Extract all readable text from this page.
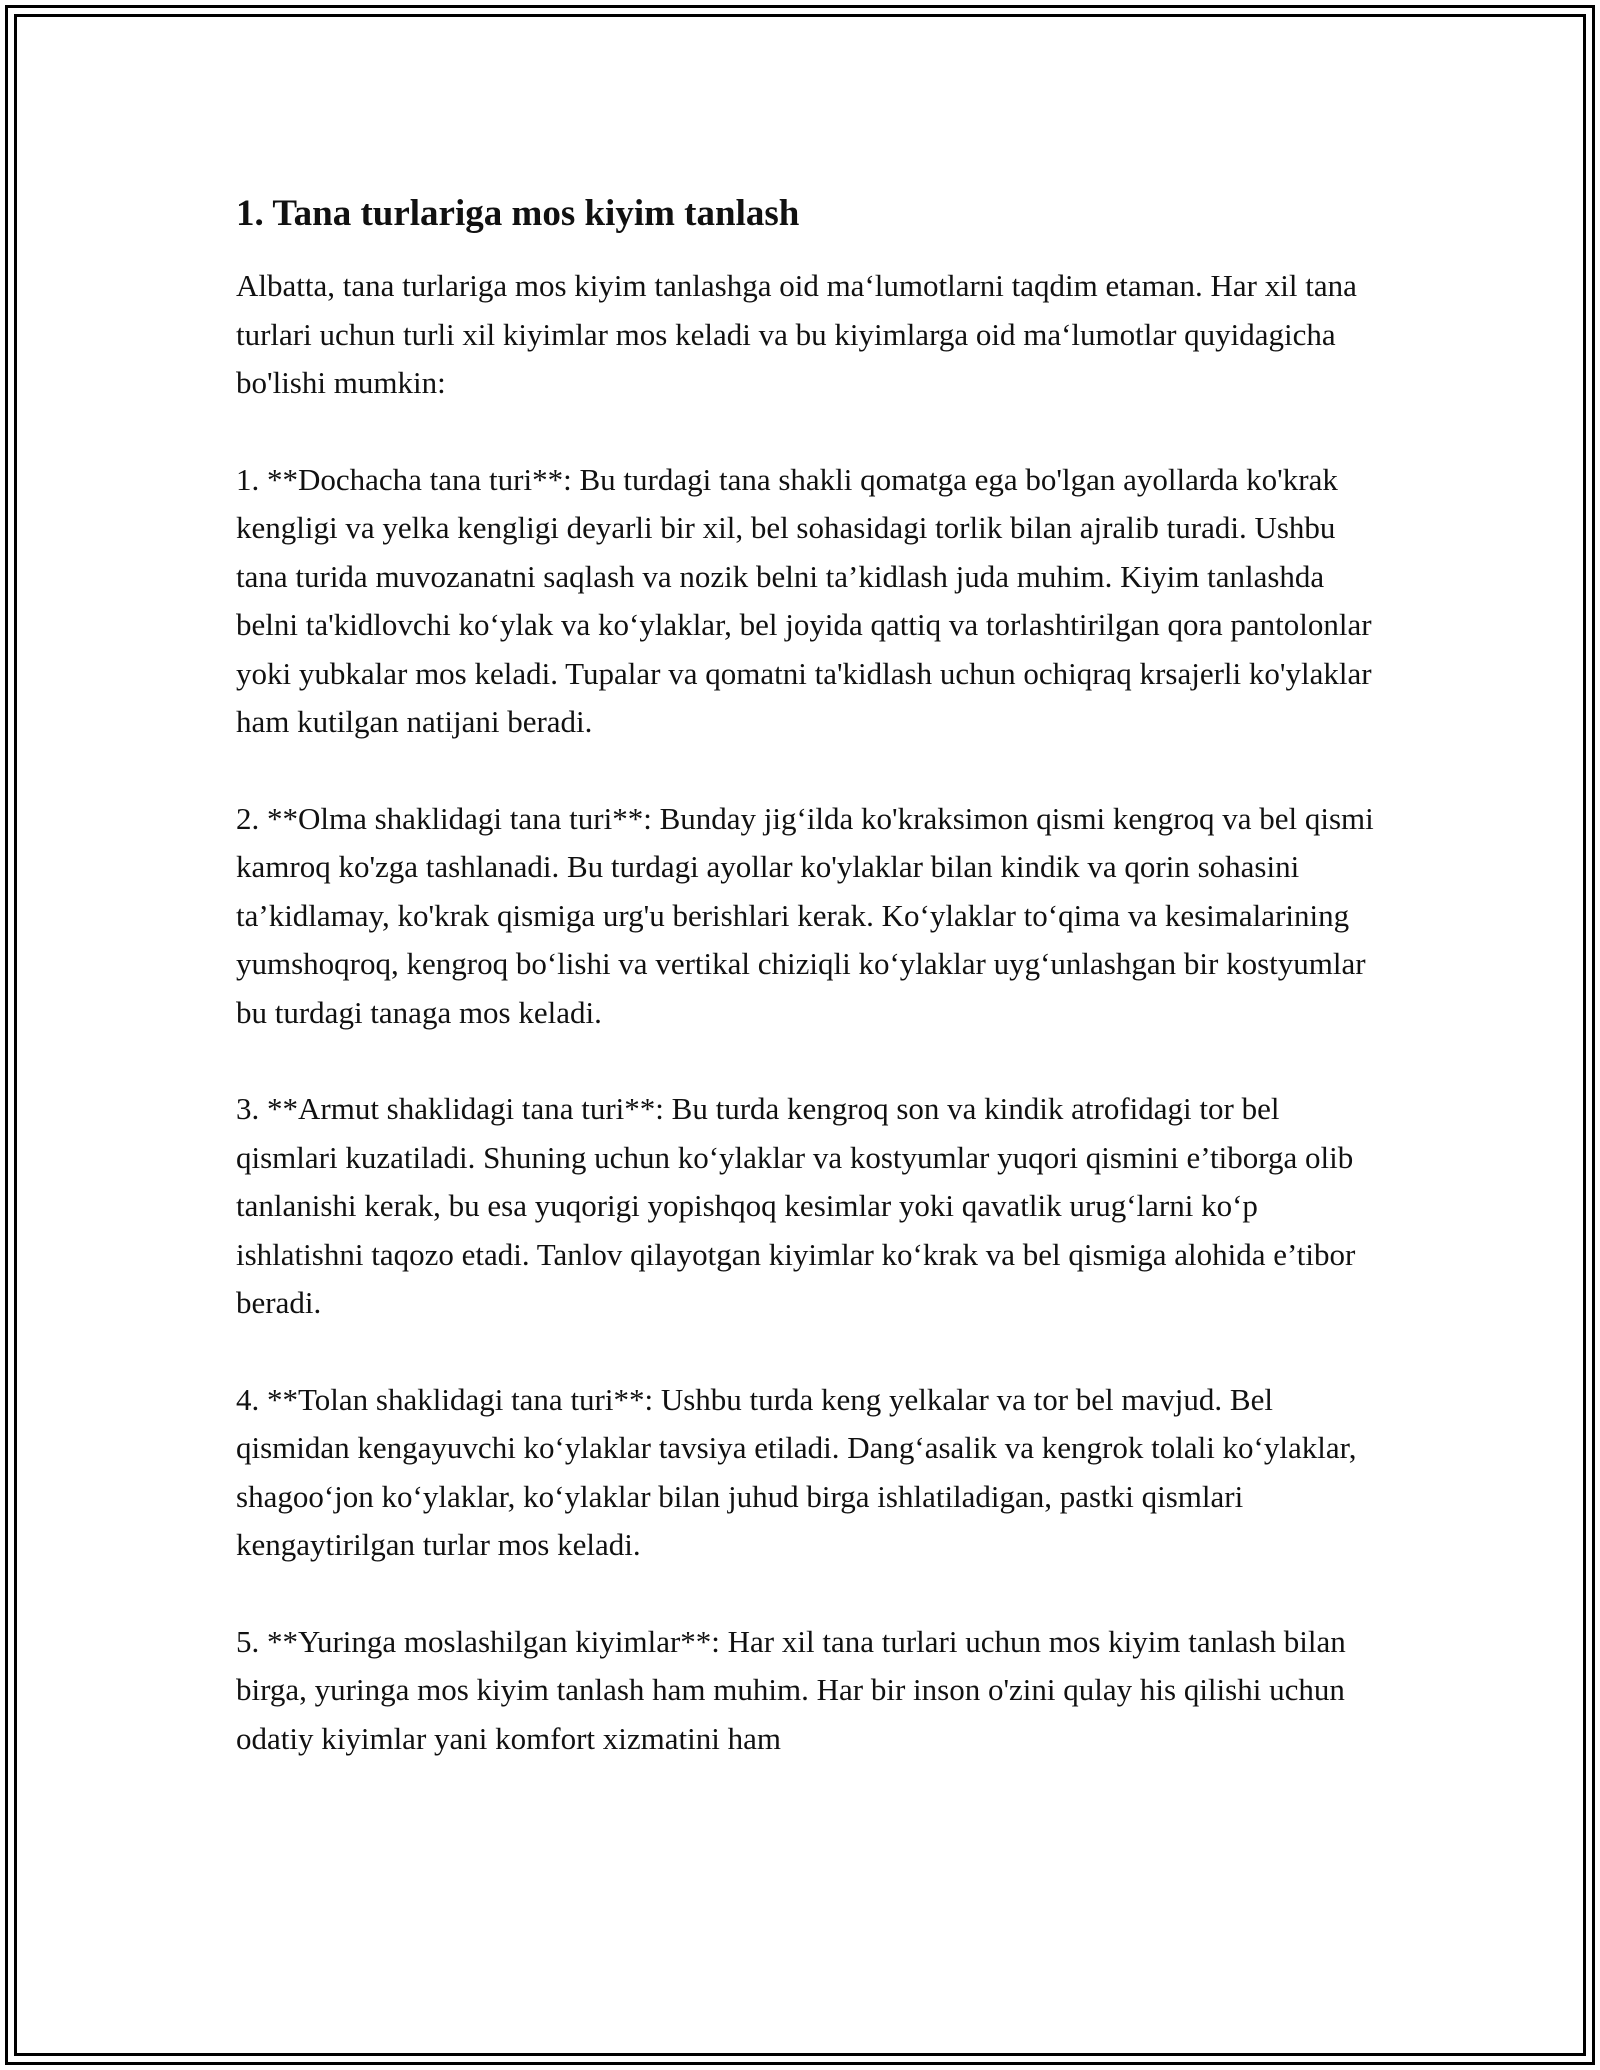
1. Tana turlariga mos kiyim tanlash

Albatta, tana turlariga mos kiyim tanlashga oid ma‘lumotlarni taqdim etaman. Har xil tana turlari uchun turli xil kiyimlar mos keladi va bu kiyimlarga oid ma‘lumotlar quyidagicha bo'lishi mumkin:

1. **Dochacha tana turi**: Bu turdagi tana shakli qomatga ega bo'lgan ayollarda ko'krak kengligi va yelka kengligi deyarli bir xil, bel sohasidagi torlik bilan ajralib turadi. Ushbu tana turida muvozanatni saqlash va nozik belni ta’kidlash juda muhim. Kiyim tanlashda belni ta'kidlovchi ko‘ylak va ko‘ylaklar, bel joyida qattiq va torlashtirilgan qora pantolonlar yoki yubkalar mos keladi. Tupalar va qomatni ta'kidlash uchun ochiqraq krsajerli ko'ylaklar ham kutilgan natijani beradi.

2. **Olma shaklidagi tana turi**: Bunday jig‘ilda ko'kraksimon qismi kengroq va bel qismi kamroq ko'zga tashlanadi. Bu turdagi ayollar ko'ylaklar bilan kindik va qorin sohasini ta’kidlamay, ko'krak qismiga urg'u berishlari kerak. Ko‘ylaklar to‘qima va kesimalarining yumshoqroq, kengroq bo‘lishi va vertikal chiziqli ko‘ylaklar uyg‘unlashgan bir kostyumlar bu turdagi tanaga mos keladi.

3. **Armut shaklidagi tana turi**: Bu turda kengroq son va kindik atrofidagi tor bel qismlari kuzatiladi. Shuning uchun ko‘ylaklar va kostyumlar yuqori qismini e’tiborga olib tanlanishi kerak, bu esa yuqorigi yopishqoq kesimlar yoki qavatlik urug‘larni ko‘p ishlatishni taqozo etadi. Tanlov qilayotgan kiyimlar ko‘krak va bel qismiga alohida e’tibor beradi.

4. **Tolan shaklidagi tana turi**: Ushbu turda keng yelkalar va tor bel mavjud. Bel qismidan kengayuvchi ko‘ylaklar tavsiya etiladi. Dang‘asalik va kengrok tolali ko‘ylaklar, shagoo‘jon ko‘ylaklar, ko‘ylaklar bilan juhud birga ishlatiladigan, pastki qismlari kengaytirilgan turlar mos keladi.

5. **Yuringa moslashilgan kiyimlar**: Har xil tana turlari uchun mos kiyim tanlash bilan birga, yuringa mos kiyim tanlash ham muhim. Har bir inson o'zini qulay his qilishi uchun odatiy kiyimlar yani komfort xizmatini ham
